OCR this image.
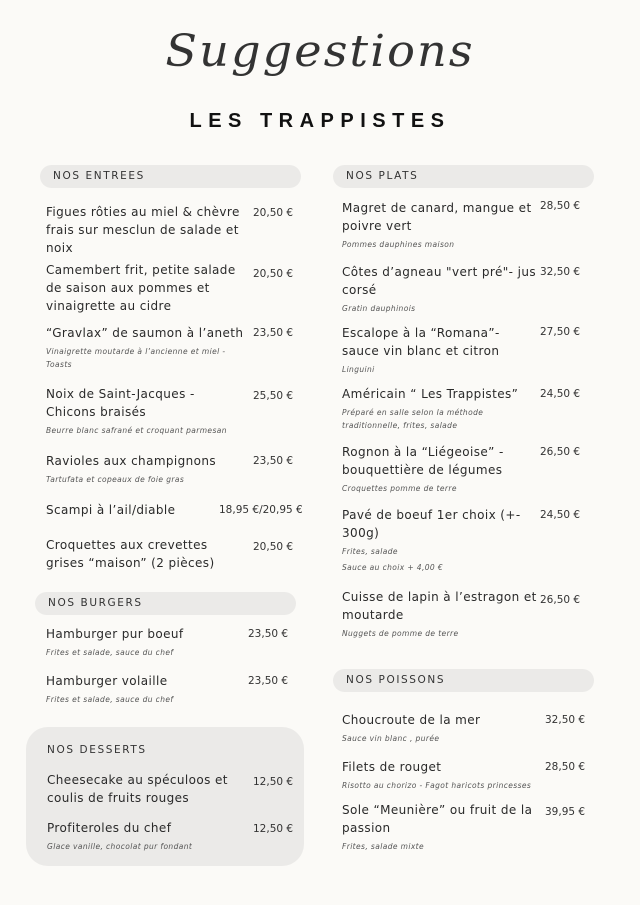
Suggestions
LES TRAPPISTES
NOS ENTREES
Figues rôties au miel & chèvre frais sur mesclun de salade et noix
20,50 €
Camembert frit, petite salade de saison aux pommes et vinaigrette au cidre
20,50 €
“Gravlax” de saumon à l’aneth
Vinaigrette moutarde à l’ancienne et miel - Toasts
23,50 €
Noix de Saint-Jacques - Chicons braisés
Beurre blanc safrané et croquant parmesan
25,50 €
Ravioles aux champignons
Tartufata et copeaux de foie gras
23,50 €
Scampi à l’ail/diable	18,95 €/20,95 €
Croquettes aux crevettes grises “maison” (2 pièces)
20,50 €
NOS BURGERS
Hamburger pur boeuf
Frites et salade, sauce du chef
23,50 €
Hamburger volaille
Frites et salade, sauce du chef
23,50 €
NOS DESSERTS
Cheesecake au spéculoos et coulis de fruits rouges
12,50 €
Profiteroles du chef
Glace vanille, chocolat pur fondant
12,50 €
NOS PLATS
Magret de canard, mangue et poivre vert
Pommes dauphines maison
28,50 €
Côtes d’agneau "vert pré"- jus corsé
Gratin dauphinois
32,50 €
Escalope à la “Romana”- sauce vin blanc et citron
Linguini
27,50 €
Américain “ Les Trappistes”
Préparé en salle selon la méthode traditionnelle, frites, salade
24,50 €
Rognon à la “Liégeoise” - bouquettière de légumes
Croquettes pomme de terre
26,50 €
Pavé de boeuf 1er choix (+- 300g)
Frites, salade
Sauce au choix + 4,00 €
24,50 €
Cuisse de lapin à l’estragon et moutarde
Nuggets de pomme de terre
26,50 €
NOS POISSONS
Choucroute de la mer
Sauce vin blanc , purée
32,50 €
Filets de rouget
Risotto au chorizo - Fagot haricots princesses
28,50 €
Sole “Meunière” ou fruit de la passion
Frites, salade mixte
39,95 €
